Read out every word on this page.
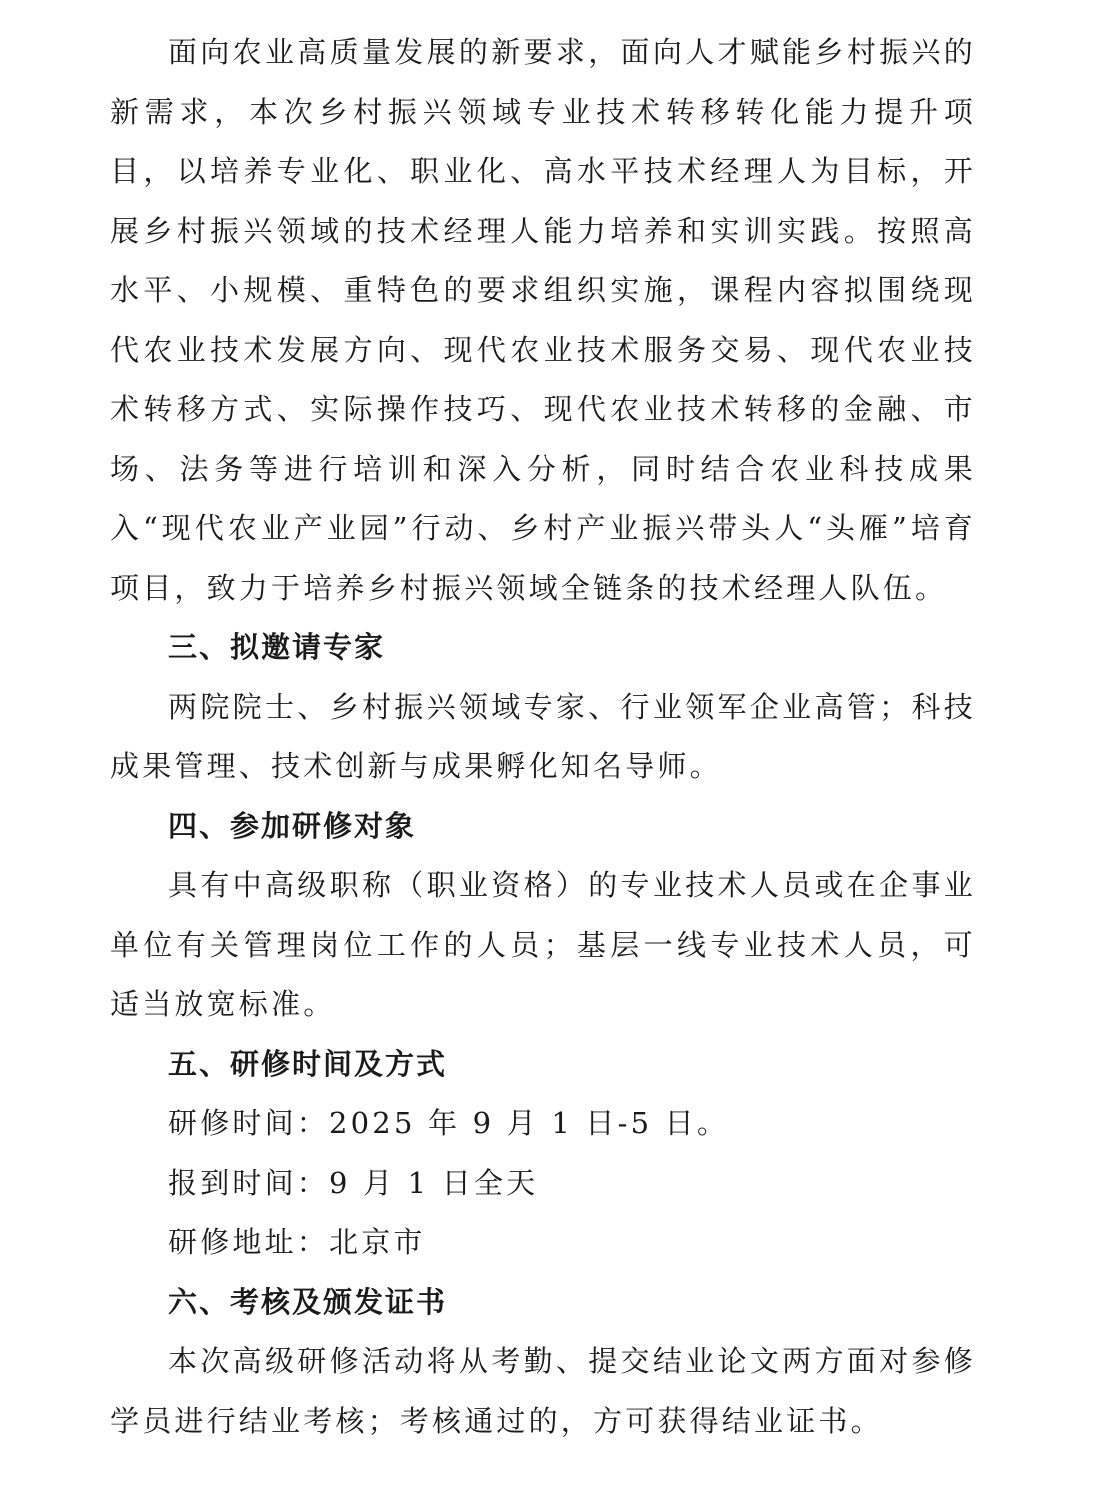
面向农业高质量发展的新要求，面向人才赋能乡村振兴的新需求，本次乡村振兴领域专业技术转移转化能力提升项目，以培养专业化、职业化、高水平技术经理人为目标，开展乡村振兴领域的技术经理人能力培养和实训实践。按照高水平、小规模、重特色的要求组织实施，课程内容拟围绕现代农业技术发展方向、现代农业技术服务交易、现代农业技术转移方式、实际操作技巧、现代农业技术转移的金融、市场、法务等进行培训和深入分析，同时结合农业科技成果入“现代农业产业园”行动、乡村产业振兴带头人“头雁”培育项目，致力于培养乡村振兴领域全链条的技术经理人队伍。

三、拟邀请专家

两院院士、乡村振兴领域专家、行业领军企业高管；科技成果管理、技术创新与成果孵化知名导师。

四、参加研修对象

具有中高级职称（职业资格）的专业技术人员或在企事业单位有关管理岗位工作的人员；基层一线专业技术人员，可适当放宽标准。

五、研修时间及方式

研修时间：2025 年 9 月 1 日-5 日。

报到时间：9 月 1 日全天

研修地址：北京市

六、考核及颁发证书

本次高级研修活动将从考勤、提交结业论文两方面对参修学员进行结业考核；考核通过的，方可获得结业证书。
